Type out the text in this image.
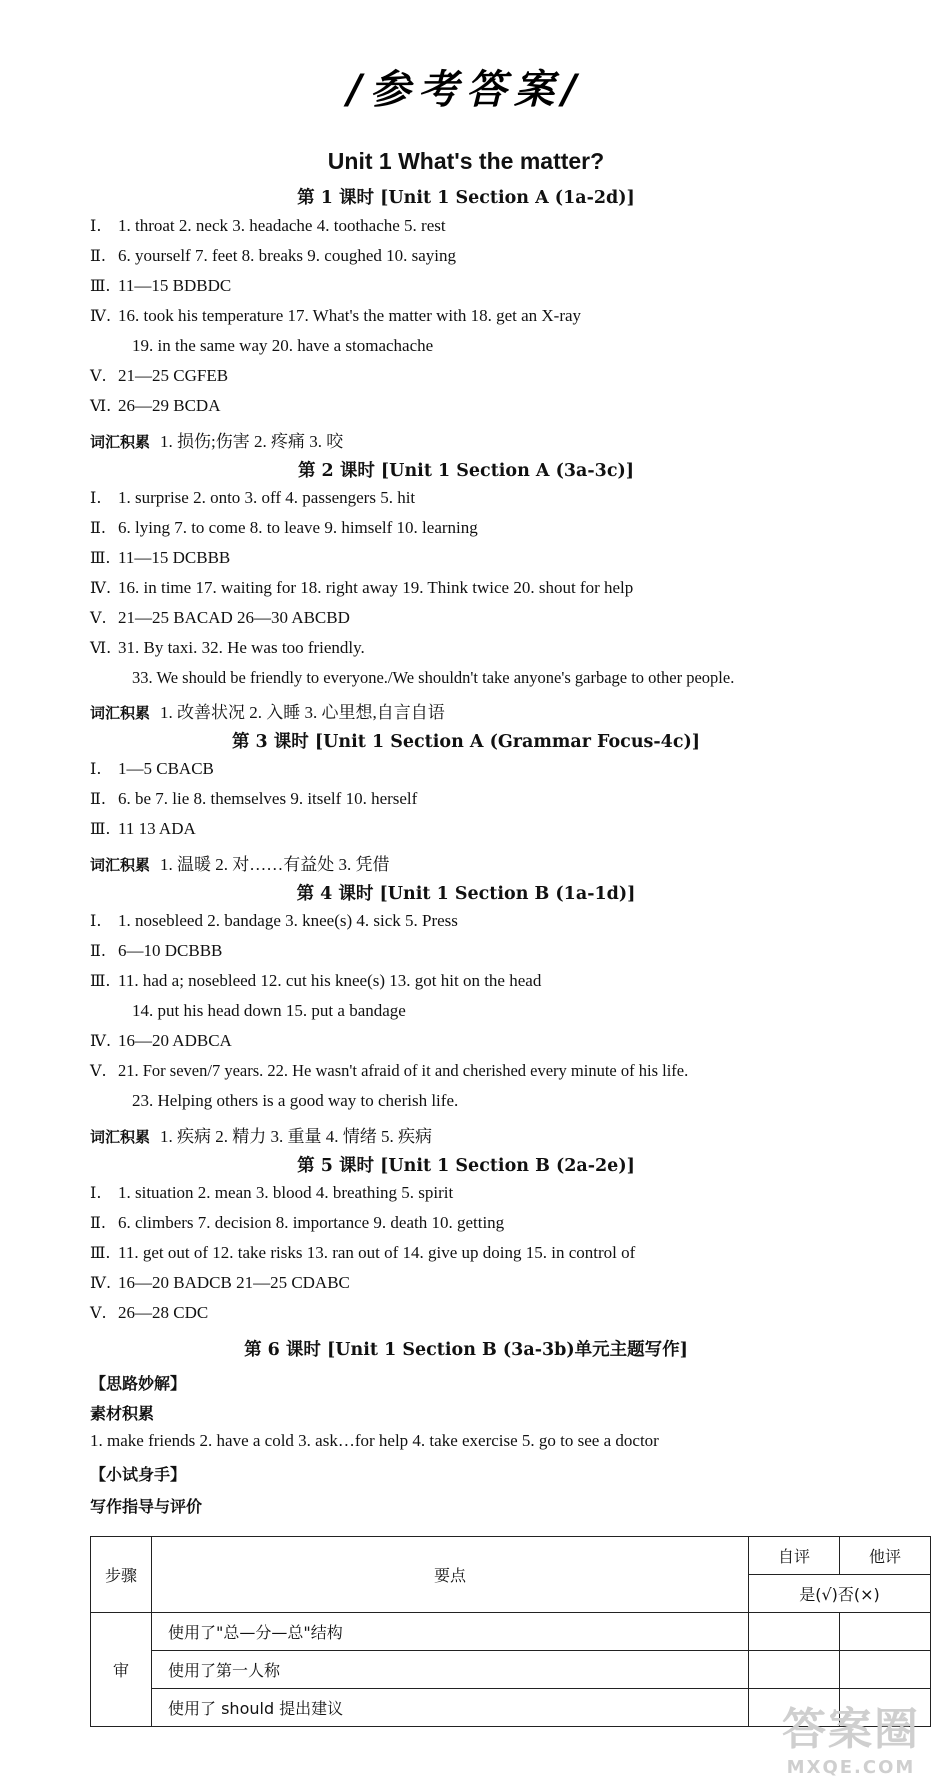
/参考答案/
Unit 1 What's the matter?
第 1 课时 [Unit 1 Section A (1a-2d)]
Ⅰ. 1. throat 2. neck 3. headache 4. toothache 5. rest
Ⅱ. 6. yourself 7. feet 8. breaks 9. coughed 10. saying
Ⅲ. 11—15 BDBDC
Ⅳ. 16. took his temperature 17. What's the matter with 18. get an X-ray
19. in the same way 20. have a stomachache
Ⅴ. 21—25 CGFEB
Ⅵ. 26—29 BCDA
词汇积累 1. 损伤;伤害 2. 疼痛 3. 咬
第 2 课时 [Unit 1 Section A (3a-3c)]
Ⅰ. 1. surprise 2. onto 3. off 4. passengers 5. hit
Ⅱ. 6. lying 7. to come 8. to leave 9. himself 10. learning
Ⅲ. 11—15 DCBBB
Ⅳ. 16. in time 17. waiting for 18. right away 19. Think twice 20. shout for help
Ⅴ. 21—25 BACAD 26—30 ABCBD
Ⅵ. 31. By taxi. 32. He was too friendly.
33. We should be friendly to everyone./We shouldn't take anyone's garbage to other people.
词汇积累 1. 改善状况 2. 入睡 3. 心里想,自言自语
第 3 课时 [Unit 1 Section A (Grammar Focus-4c)]
Ⅰ. 1—5 CBACB
Ⅱ. 6. be 7. lie 8. themselves 9. itself 10. herself
Ⅲ. 11 13 ADA
词汇积累 1. 温暖 2. 对……有益处 3. 凭借
第 4 课时 [Unit 1 Section B (1a-1d)]
Ⅰ. 1. nosebleed 2. bandage 3. knee(s) 4. sick 5. Press
Ⅱ. 6—10 DCBBB
Ⅲ. 11. had a; nosebleed 12. cut his knee(s) 13. got hit on the head
14. put his head down 15. put a bandage
Ⅳ. 16—20 ADBCA
Ⅴ. 21. For seven/7 years. 22. He wasn't afraid of it and cherished every minute of his life.
23. Helping others is a good way to cherish life.
词汇积累 1. 疾病 2. 精力 3. 重量 4. 情绪 5. 疾病
第 5 课时 [Unit 1 Section B (2a-2e)]
Ⅰ. 1. situation 2. mean 3. blood 4. breathing 5. spirit
Ⅱ. 6. climbers 7. decision 8. importance 9. death 10. getting
Ⅲ. 11. get out of 12. take risks 13. ran out of 14. give up doing 15. in control of
Ⅳ. 16—20 BADCB 21—25 CDABC
Ⅴ. 26—28 CDC
第 6 课时 [Unit 1 Section B (3a-3b)单元主题写作]
【思路妙解】
素材积累
1. make friends 2. have a cold 3. ask…for help 4. take exercise 5. go to see a doctor
【小试身手】
写作指导与评价
步骤	要点	自评	他评
		是(√)否(×)	
审	使用了"总—分—总"结构		
	使用了第一人称		
	使用了 should 提出建议			答案圈
MXQE.COM
